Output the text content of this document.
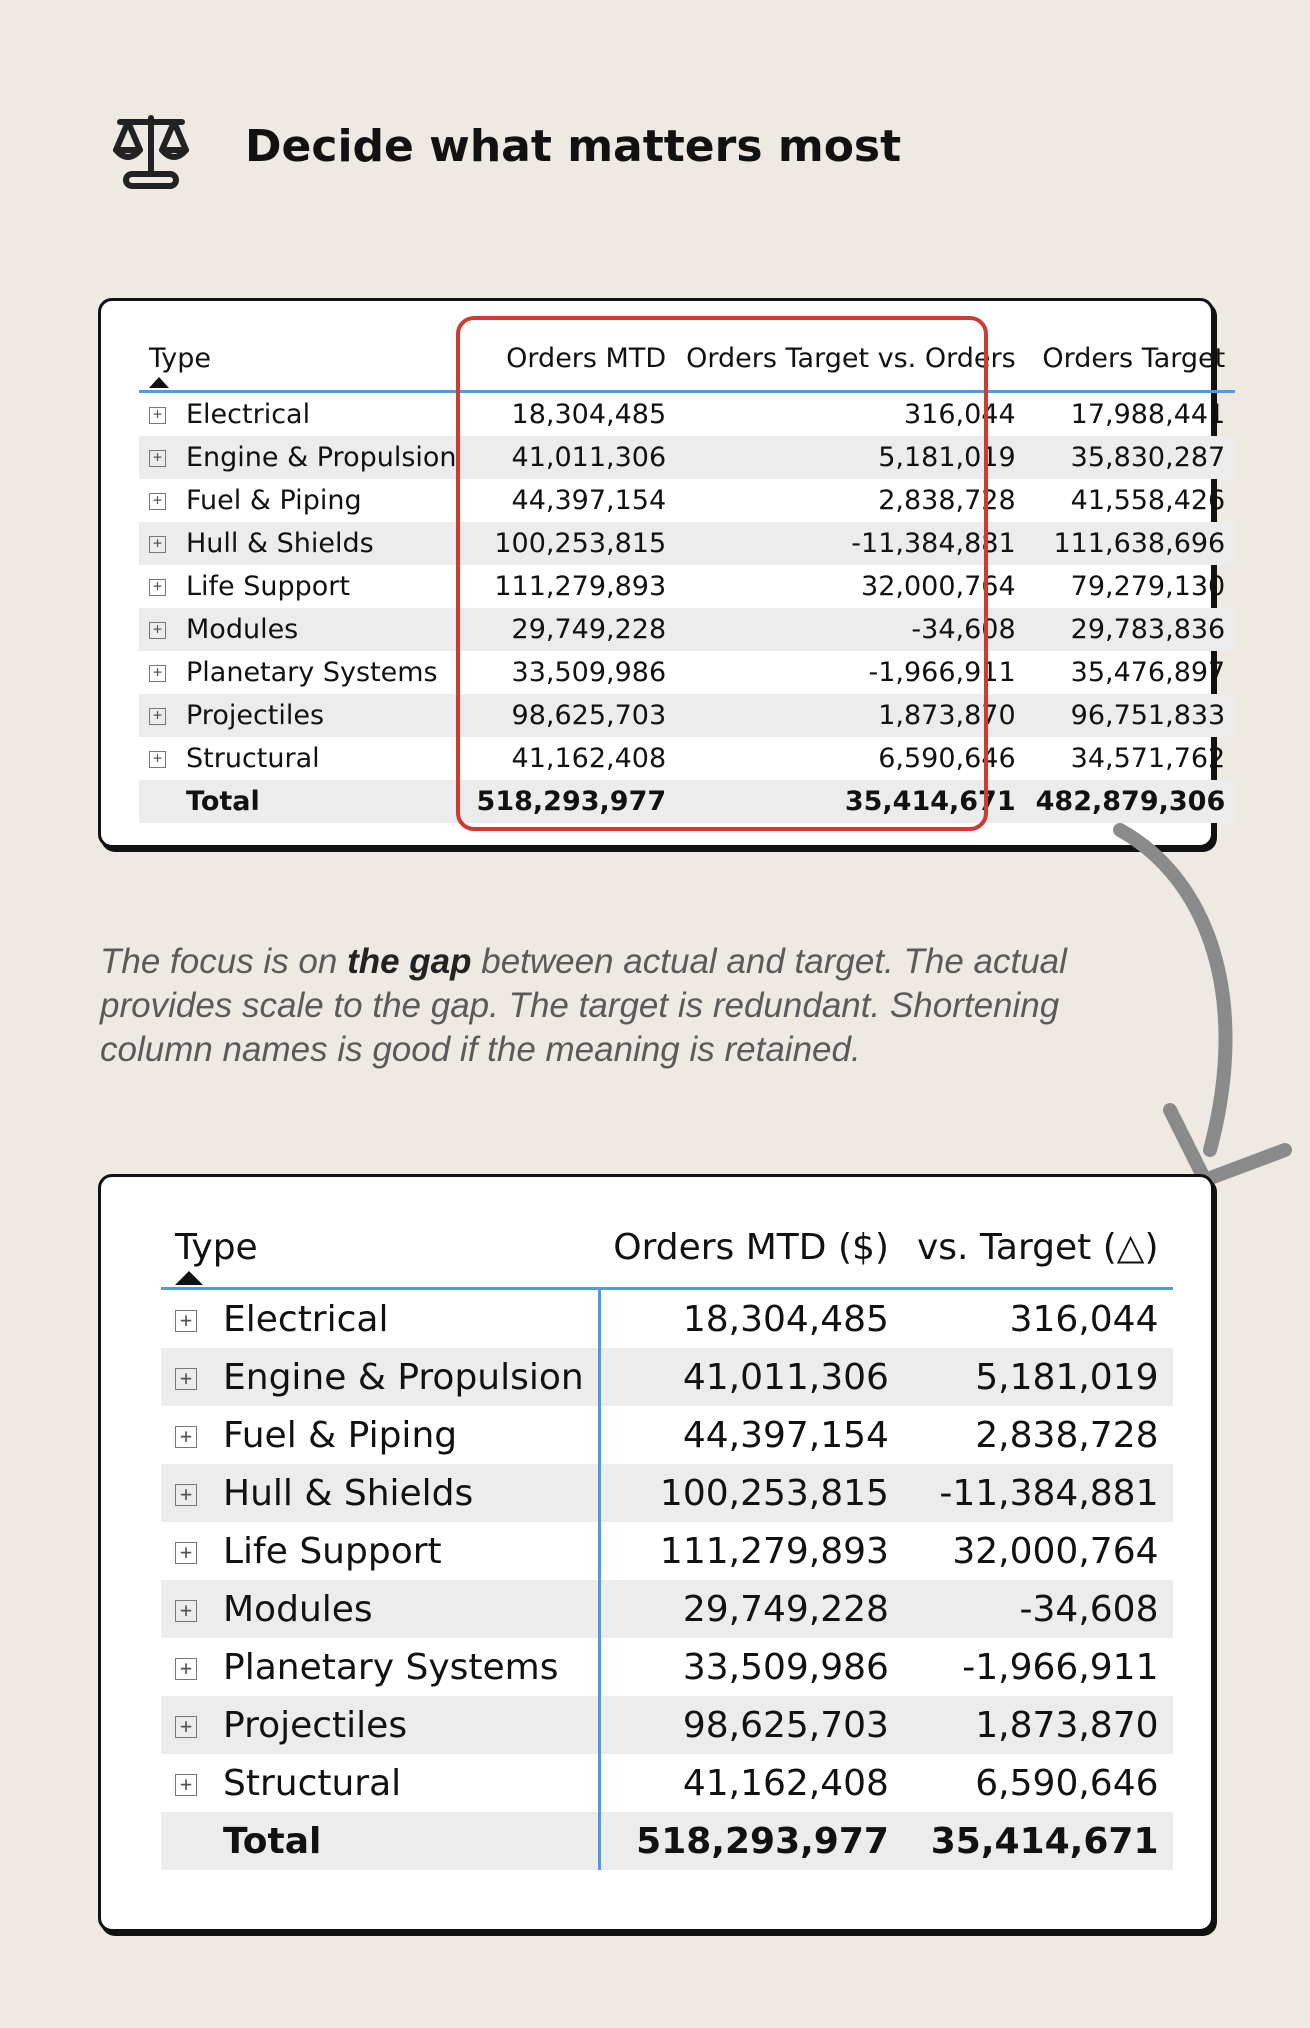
Decide what matters most
Type	Orders MTD	Orders Target vs. Orders	Orders Target
+ Electrical	18,304,485	316,044	17,988,441
+ Engine & Propulsion	41,011,306	5,181,019	35,830,287
+ Fuel & Piping	44,397,154	2,838,728	41,558,426
+ Hull & Shields	100,253,815	-11,384,881	111,638,696
+ Life Support	111,279,893	32,000,764	79,279,130
+ Modules	29,749,228	-34,608	29,783,836
+ Planetary Systems	33,509,986	-1,966,911	35,476,897
+ Projectiles	98,625,703	1,873,870	96,751,833
+ Structural	41,162,408	6,590,646	34,571,762
Total	518,293,977	35,414,671	482,879,306
The focus is on the gap between actual and target. The actual provides scale to the gap. The target is redundant. Shortening column names is good if the meaning is retained.
Type	Orders MTD ($)	vs. Target (△)
+ Electrical	18,304,485	316,044
+ Engine & Propulsion	41,011,306	5,181,019
+ Fuel & Piping	44,397,154	2,838,728
+ Hull & Shields	100,253,815	-11,384,881
+ Life Support	111,279,893	32,000,764
+ Modules	29,749,228	-34,608
+ Planetary Systems	33,509,986	-1,966,911
+ Projectiles	98,625,703	1,873,870
+ Structural	41,162,408	6,590,646
Total	518,293,977	35,414,671
